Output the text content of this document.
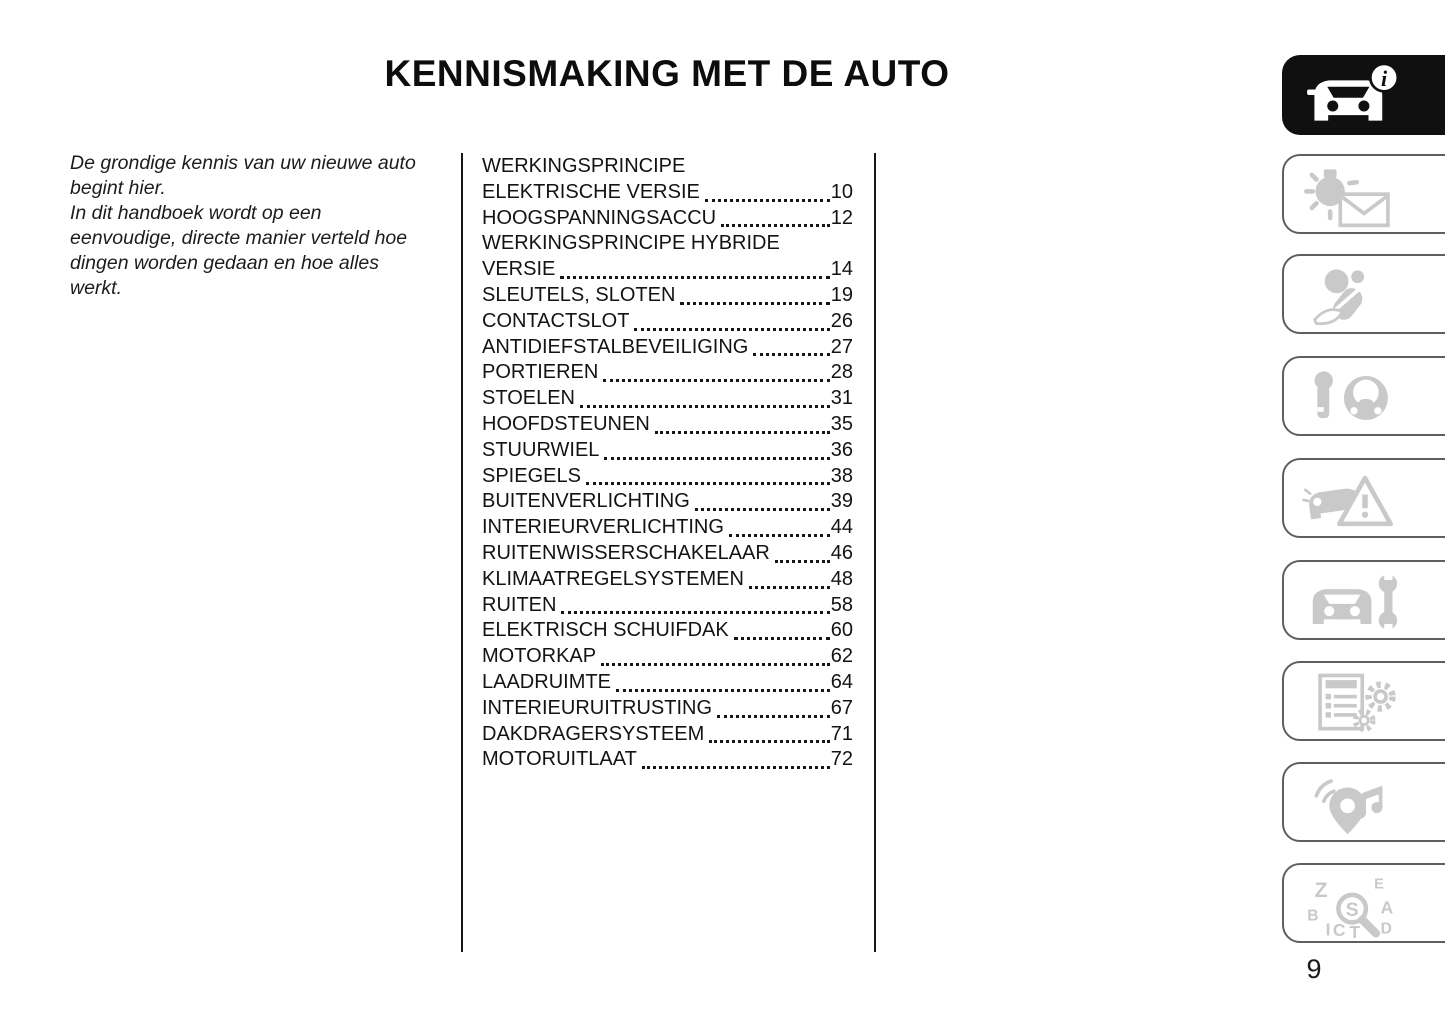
KENNISMAKING MET DE AUTO
De grondige kennis van uw nieuwe auto
begint hier.
In dit handboek wordt op een
eenvoudige, directe manier verteld hoe
dingen worden gedaan en hoe alles
werkt.
WERKINGSPRINCIPE
ELEKTRISCHE VERSIE	10
HOOGSPANNINGSACCU	12
WERKINGSPRINCIPE HYBRIDE
VERSIE	14
SLEUTELS, SLOTEN	19
CONTACTSLOT	26
ANTIDIEFSTALBEVEILIGING	27
PORTIEREN	28
STOELEN	31
HOOFDSTEUNEN	35
STUURWIEL	36
SPIEGELS	38
BUITENVERLICHTING	39
INTERIEURVERLICHTING	44
RUITENWISSERSCHAKELAAR	46
KLIMAATREGELSYSTEMEN	48
RUITEN	58
ELEKTRISCH SCHUIFDAK	60
MOTORKAP	62
LAADRUIMTE	64
INTERIEURUITRUSTING	67
DAKDRAGERSYSTEEM	71
MOTORUITLAAT	72
i
Z	E
B	A
I C T D
S
9
